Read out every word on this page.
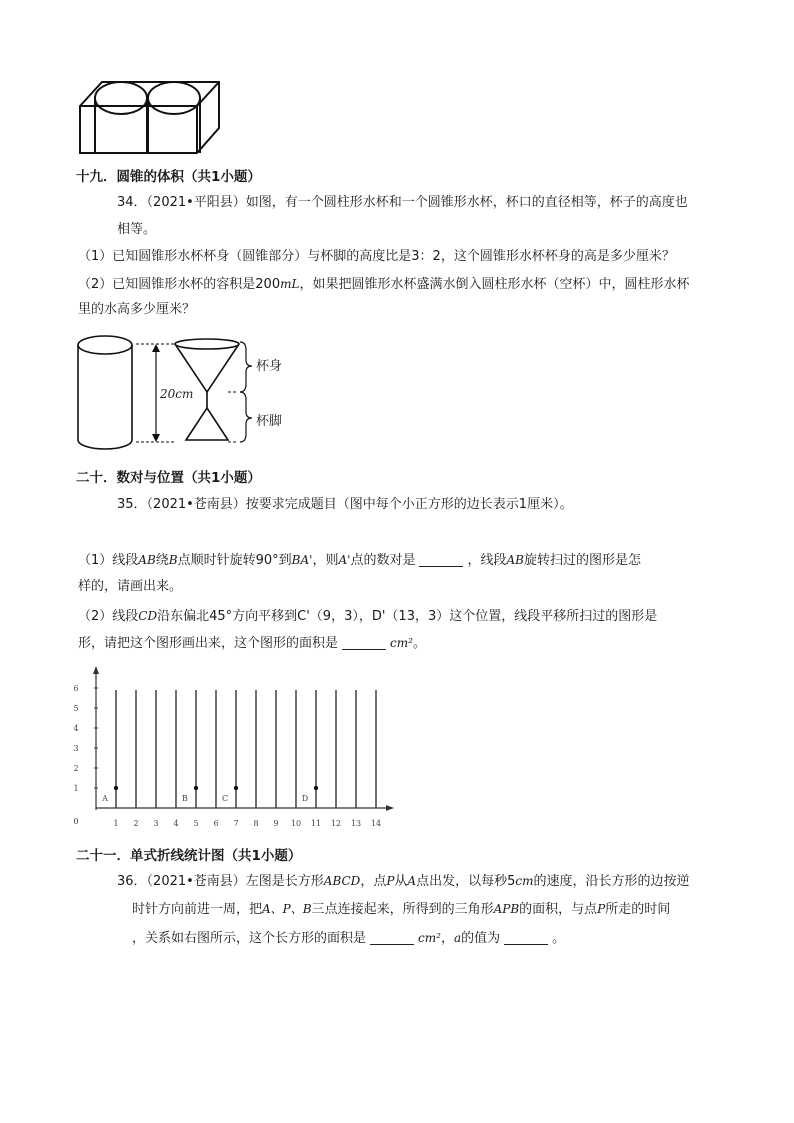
十九．圆锥的体积（共1小题）
34．（2021•平阳县）如图，有一个圆柱形水杯和一个圆锥形水杯，杯口的直径相等，杯子的高度也
相等。
（1）已知圆锥形水杯杯身（圆锥部分）与杯脚的高度比是3：2，这个圆锥形水杯杯身的高是多少厘米？
（2）已知圆锥形水杯的容积是200mL，如果把圆锥形水杯盛满水倒入圆柱形水杯（空杯）中，圆柱形水杯
里的水高多少厘米？
20cm
杯身
杯脚
二十．数对与位置（共1小题）
35．（2021•苍南县）按要求完成题目（图中每个小正方形的边长表示1厘米）。
（1）线段AB绕B点顺时针旋转90°到BA'，则A'点的数对是	，线段AB旋转扫过的图形是怎
样的，请画出来。
（2）线段CD沿东偏北45°方向平移到C'（9，3），D'（13，3）这个位置，线段平移所扫过的图形是
形，请把这个图形画出来，这个图形的面积是	cm²。
1 2 3 4 5 6 7 8 9 10 11 12 13 14
0
1
2
3
4
5
6
A	B	C	D
二十一．单式折线统计图（共1小题）
36．（2021•苍南县）左图是长方形ABCD，点P从A点出发，以每秒5cm的速度，沿长方形的边按逆
时针方向前进一周，把A、P、B三点连接起来，所得到的三角形APB的面积，与点P所走的时间
，关系如右图所示，这个长方形的面积是	cm²，a的值为	。
